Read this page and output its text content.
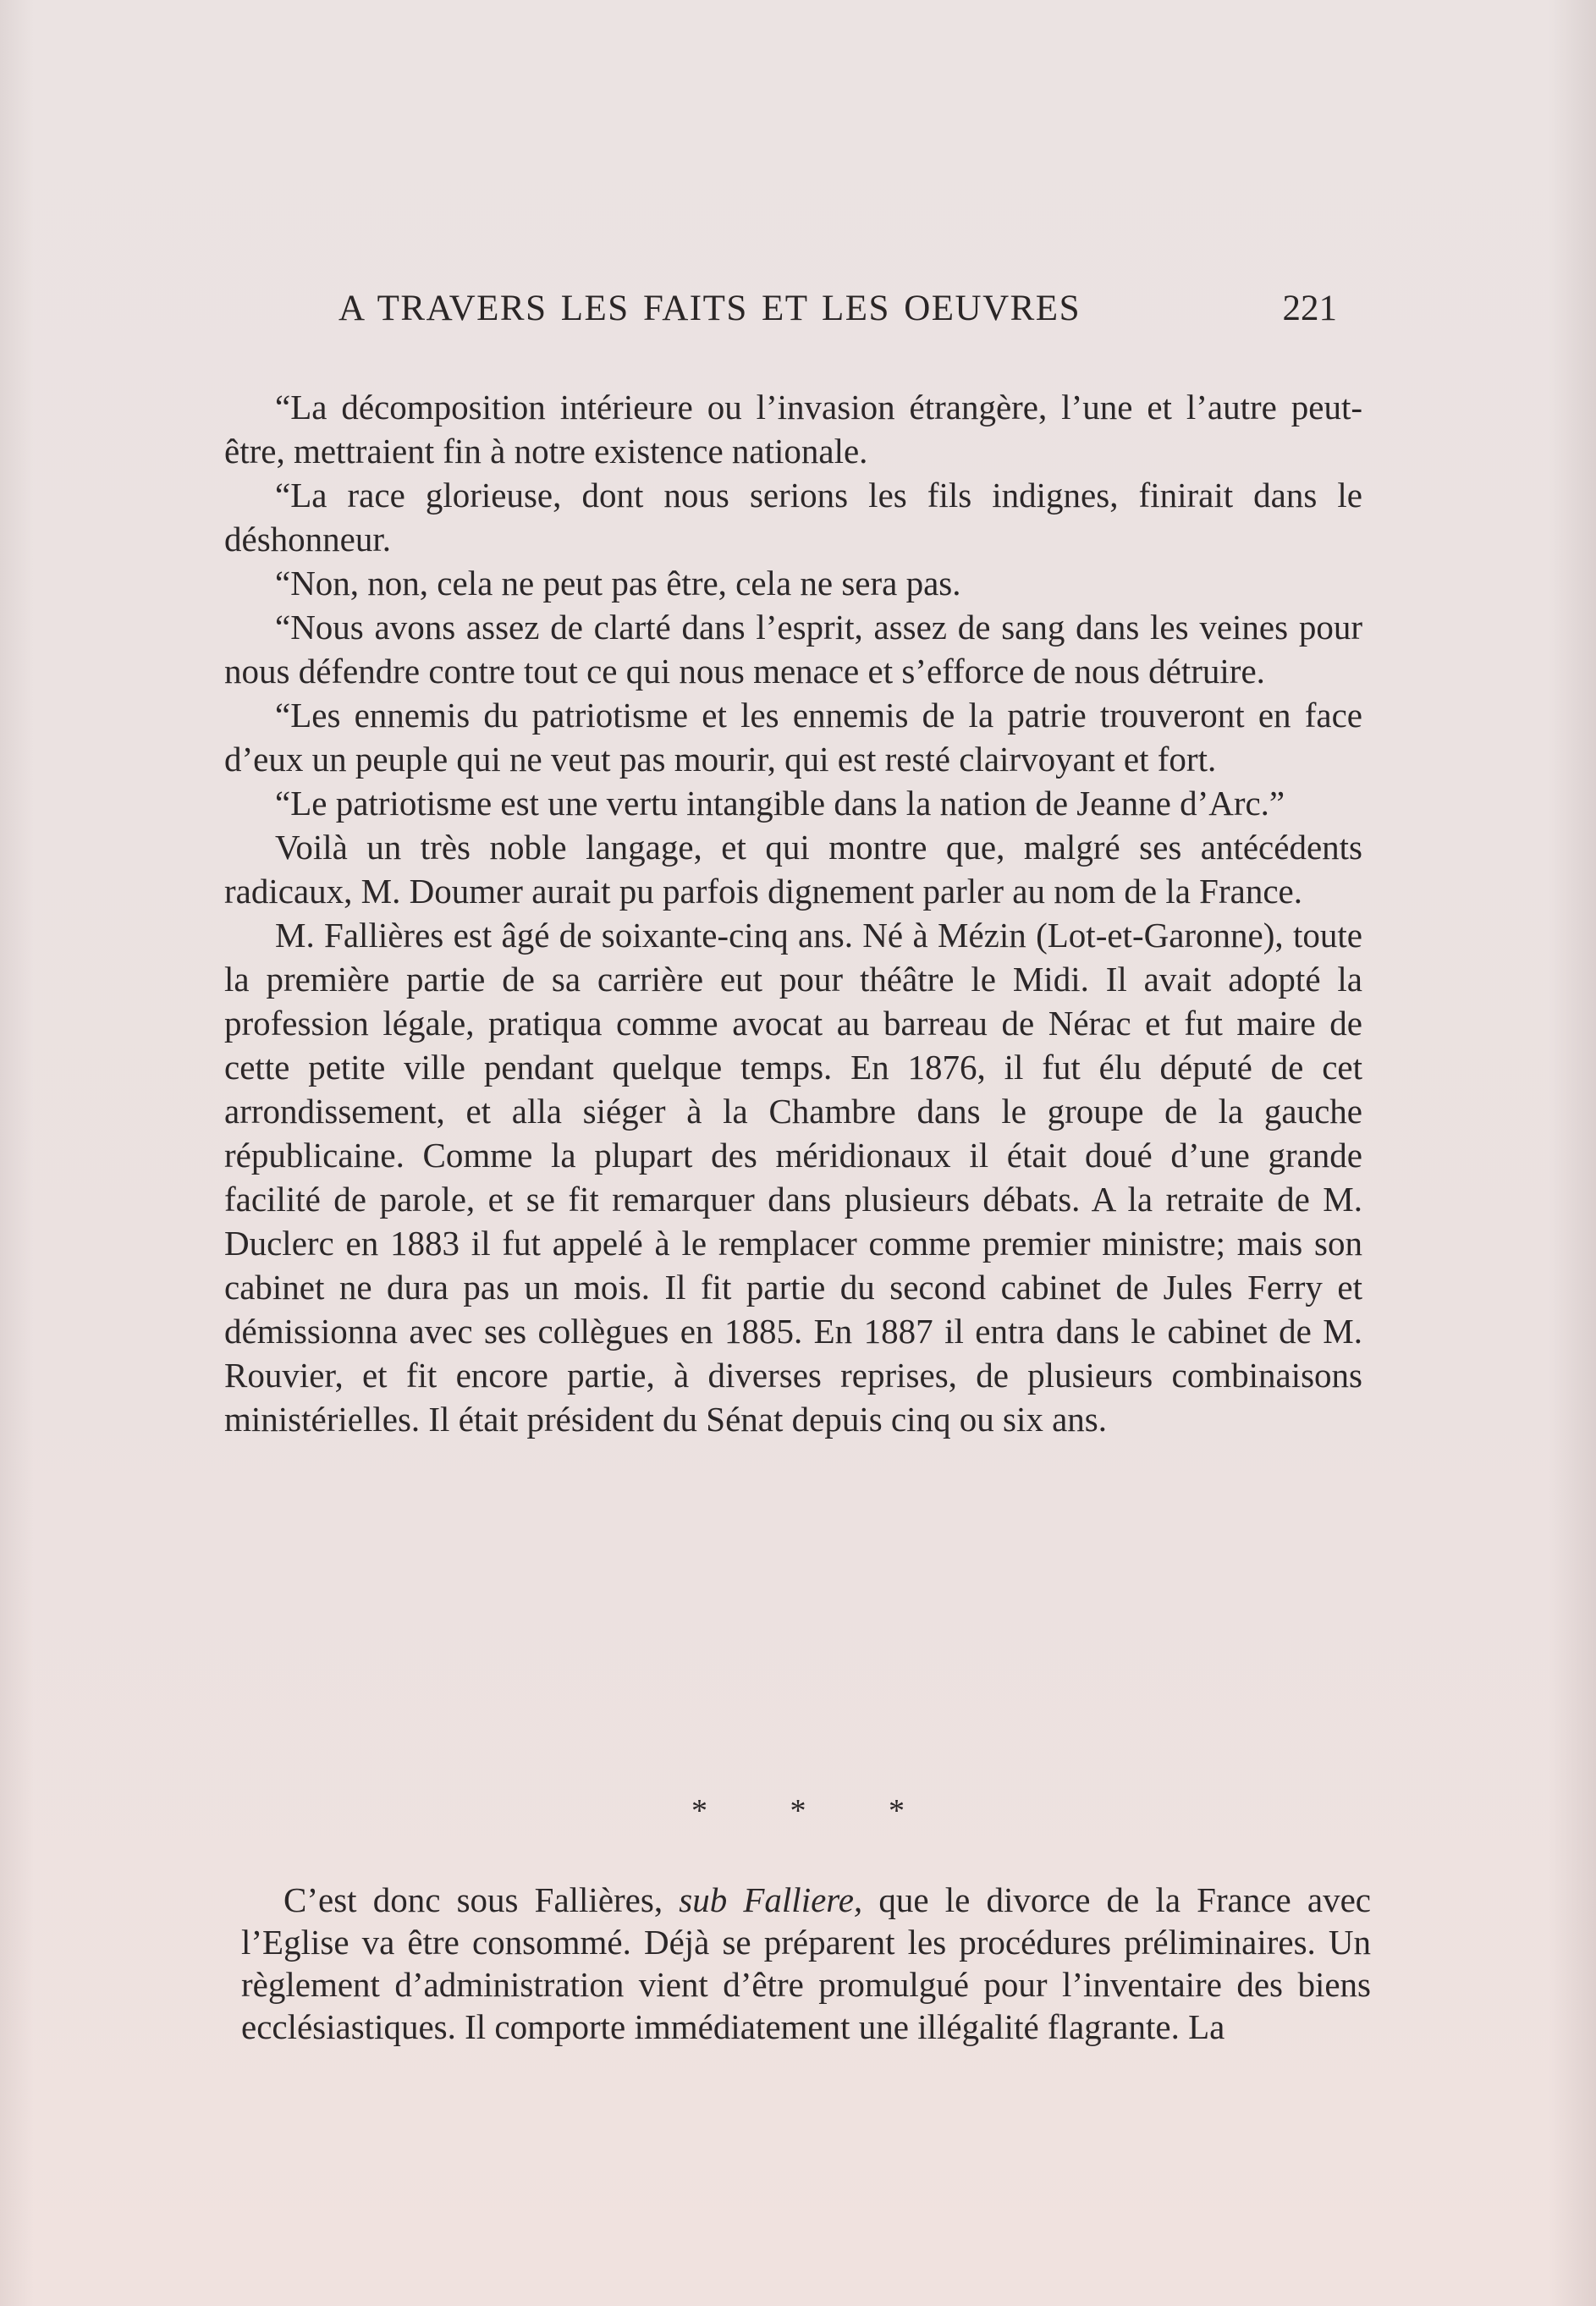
A TRAVERS LES FAITS ET LES OEUVRES	221

“La décomposition intérieure ou l’invasion étrangère, l’une et l’autre peut-être, mettraient fin à notre existence nationale.

“La race glorieuse, dont nous serions les fils indignes, finirait dans le déshonneur.

“Non, non, cela ne peut pas être, cela ne sera pas.

“Nous avons assez de clarté dans l’esprit, assez de sang dans les veines pour nous défendre contre tout ce qui nous menace et s’efforce de nous détruire.

“Les ennemis du patriotisme et les ennemis de la patrie trouveront en face d’eux un peuple qui ne veut pas mourir, qui est resté clairvoyant et fort.

“Le patriotisme est une vertu intangible dans la nation de Jeanne d’Arc.”

Voilà un très noble langage, et qui montre que, malgré ses antécédents radicaux, M. Doumer aurait pu parfois dignement parler au nom de la France.

M. Fallières est âgé de soixante-cinq ans. Né à Mézin (Lot-et-Garonne), toute la première partie de sa carrière eut pour théâtre le Midi. Il avait adopté la profession légale, pratiqua comme avocat au barreau de Nérac et fut maire de cette petite ville pendant quelque temps. En 1876, il fut élu député de cet arrondissement, et alla siéger à la Chambre dans le groupe de la gauche républicaine. Comme la plupart des méridionaux il était doué d’une grande facilité de parole, et se fit remarquer dans plusieurs débats. A la retraite de M. Duclerc en 1883 il fut appelé à le remplacer comme premier ministre; mais son cabinet ne dura pas un mois. Il fit partie du second cabinet de Jules Ferry et démissionna avec ses collègues en 1885. En 1887 il entra dans le cabinet de M. Rouvier, et fit encore partie, à diverses reprises, de plusieurs combinaisons ministérielles. Il était président du Sénat depuis cinq ou six ans.

* * *

C’est donc sous Fallières, sub Falliere, que le divorce de la France avec l’Eglise va être consommé. Déjà se préparent les procédures préliminaires. Un règlement d’administration vient d’être promulgué pour l’inventaire des biens ecclésiastiques. Il comporte immédiatement une illégalité flagrante. La
